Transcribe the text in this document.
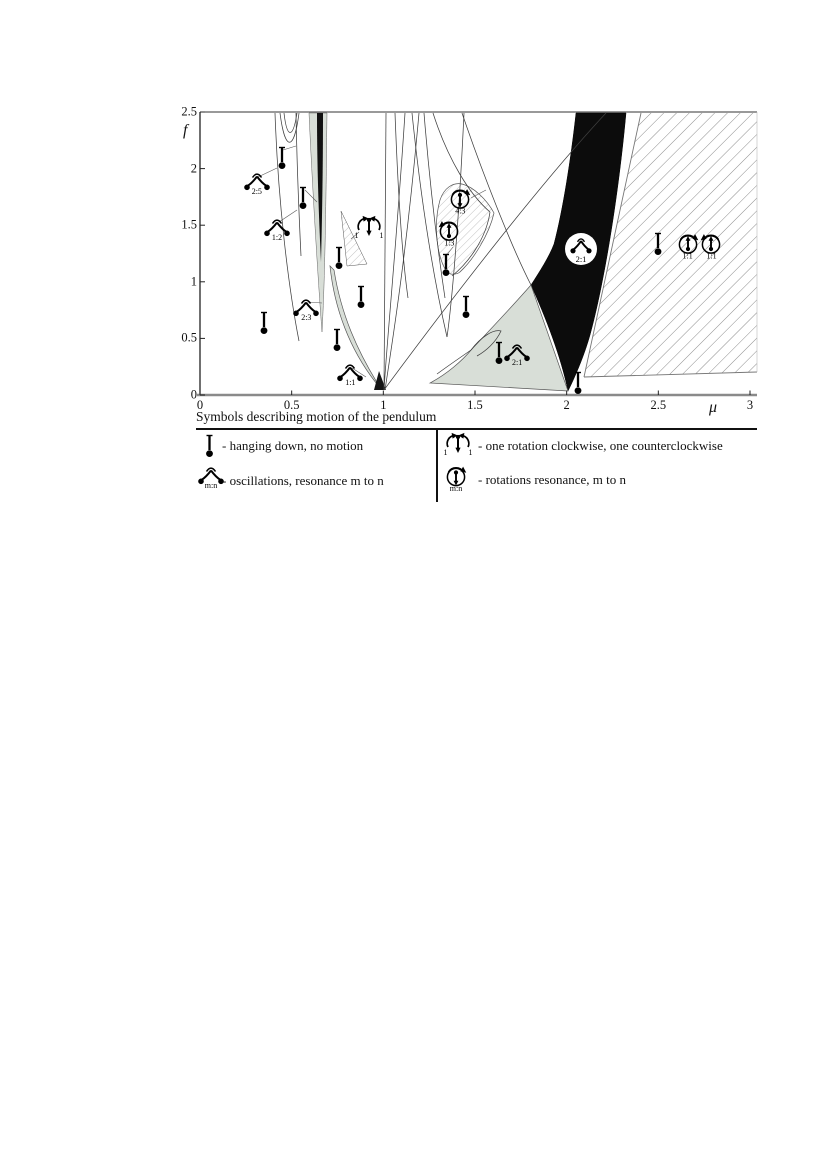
0	0.5	1	1.5	2	2.5	3
0
0.5
1
1.5
2
2.5
2:5
1:2
2:3
1:1
1	1
4:3
1:3
2:1
2:1	1:1 1:1
f
μ
Symbols describing motion of the pendulum
- hanging down, no motion
m:n - oscillations, resonance m to n
1	1 - one rotation clockwise, one counterclockwise
m:n
- rotations resonance, m to n
